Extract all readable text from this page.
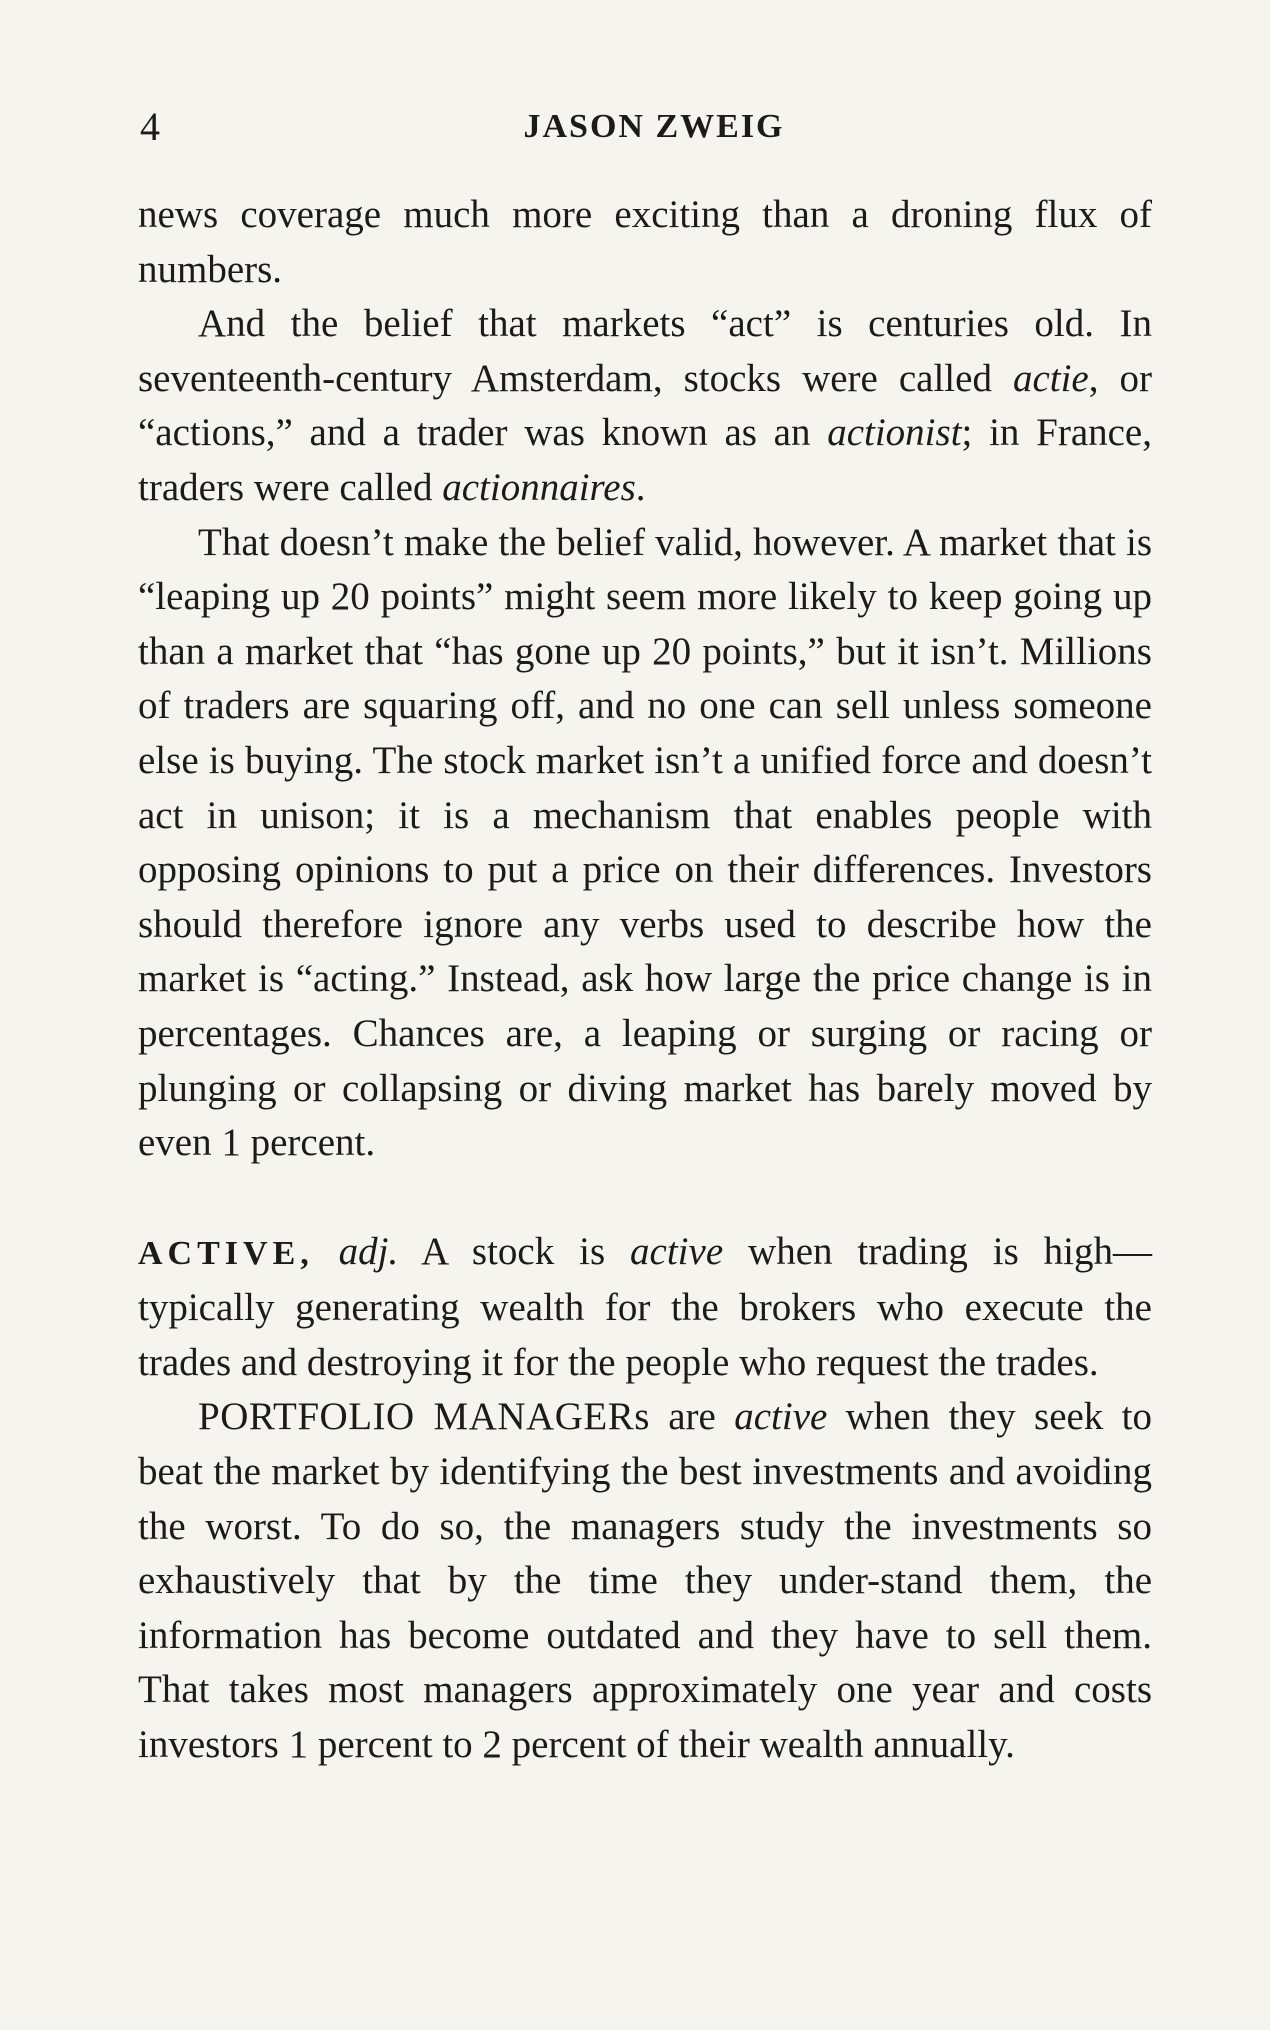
4	JASON ZWEIG

news coverage much more exciting than a droning flux of numbers.

And the belief that markets “act” is centuries old. In seventeenth-century Amsterdam, stocks were called actie, or “actions,” and a trader was known as an actionist; in France, traders were called actionnaires.

That doesn’t make the belief valid, however. A market that is “leaping up 20 points” might seem more likely to keep going up than a market that “has gone up 20 points,” but it isn’t. Millions of traders are squaring off, and no one can sell unless someone else is buying. The stock market isn’t a unified force and doesn’t act in unison; it is a mechanism that enables people with opposing opinions to put a price on their differences. Investors should therefore ignore any verbs used to describe how the market is “acting.” Instead, ask how large the price change is in percentages. Chances are, a leaping or surging or racing or plunging or collapsing or diving market has barely moved by even 1 percent.

ACTIVE, adj. A stock is active when trading is high—typically generating wealth for the brokers who execute the trades and destroying it for the people who request the trades.

PORTFOLIO MANAGERs are active when they seek to beat the market by identifying the best investments and avoiding the worst. To do so, the managers study the investments so exhaustively that by the time they under-stand them, the information has become outdated and they have to sell them. That takes most managers approximately one year and costs investors 1 percent to 2 percent of their wealth annually.
